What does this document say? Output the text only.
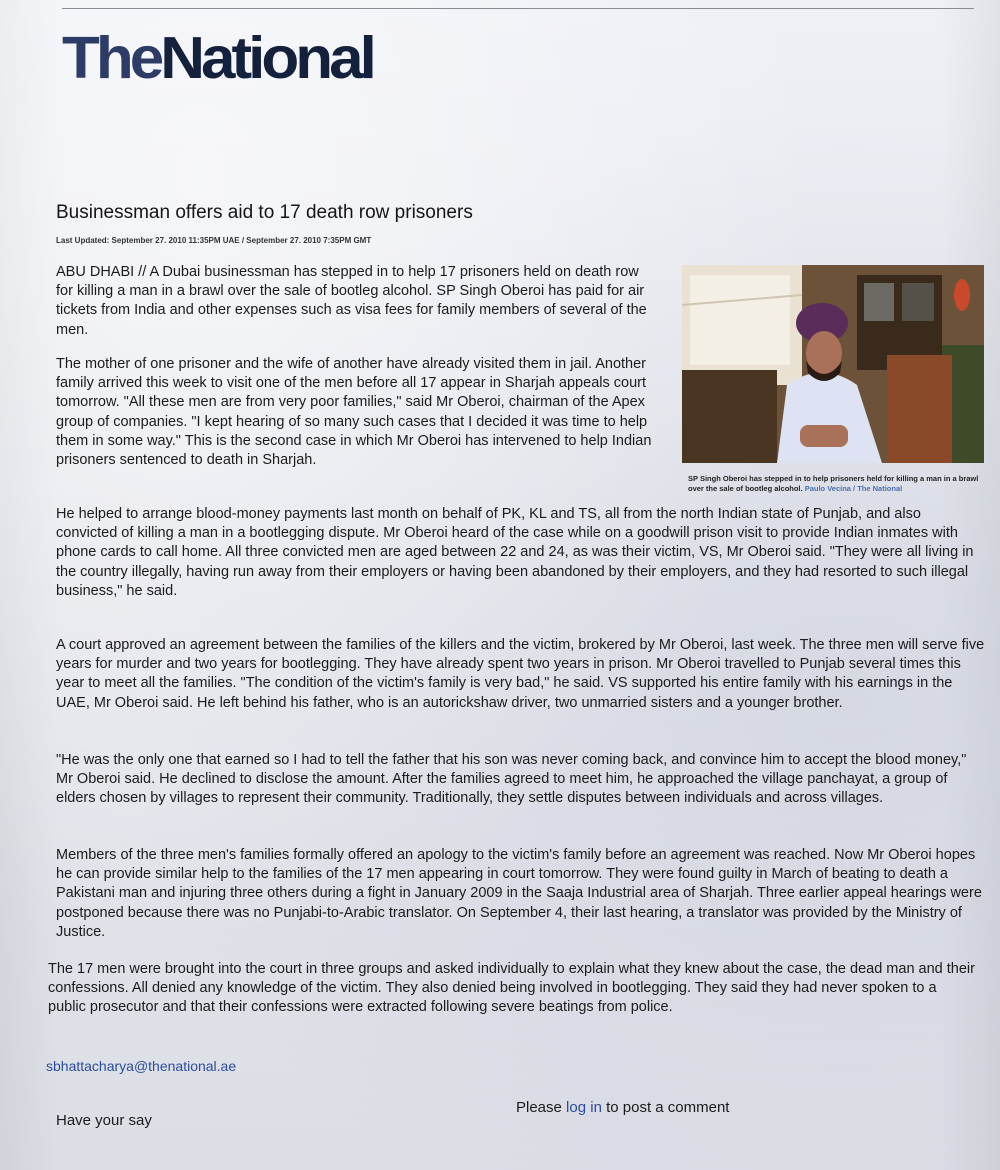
TheNational
Businessman offers aid to 17 death row prisoners
Last Updated: September 27. 2010 11:35PM UAE / September 27. 2010 7:35PM GMT

ABU DHABI // A Dubai businessman has stepped in to help 17 prisoners held on death row for killing a man in a brawl over the sale of bootleg alcohol. SP Singh Oberoi has paid for air tickets from India and other expenses such as visa fees for family members of several of the men.

The mother of one prisoner and the wife of another have already visited them in jail. Another family arrived this week to visit one of the men before all 17 appear in Sharjah appeals court tomorrow. "All these men are from very poor families," said Mr Oberoi, chairman of the Apex group of companies. "I kept hearing of so many such cases that I decided it was time to help them in some way." This is the second case in which Mr Oberoi has intervened to help Indian prisoners sentenced to death in Sharjah.

He helped to arrange blood-money payments last month on behalf of PK, KL and TS, all from the north Indian state of Punjab, and also convicted of killing a man in a bootlegging dispute. Mr Oberoi heard of the case while on a goodwill prison visit to provide Indian inmates with phone cards to call home. All three convicted men are aged between 22 and 24, as was their victim, VS, Mr Oberoi said. "They were all living in the country illegally, having run away from their employers or having been abandoned by their employers, and they had resorted to such illegal business," he said.

A court approved an agreement between the families of the killers and the victim, brokered by Mr Oberoi, last week. The three men will serve five years for murder and two years for bootlegging. They have already spent two years in prison. Mr Oberoi travelled to Punjab several times this year to meet all the families. "The condition of the victim's family is very bad," he said. VS supported his entire family with his earnings in the UAE, Mr Oberoi said. He left behind his father, who is an autorickshaw driver, two unmarried sisters and a younger brother.

"He was the only one that earned so I had to tell the father that his son was never coming back, and convince him to accept the blood money," Mr Oberoi said. He declined to disclose the amount. After the families agreed to meet him, he approached the village panchayat, a group of elders chosen by villages to represent their community. Traditionally, they settle disputes between individuals and across villages.

Members of the three men's families formally offered an apology to the victim's family before an agreement was reached. Now Mr Oberoi hopes he can provide similar help to the families of the 17 men appearing in court tomorrow. They were found guilty in March of beating to death a Pakistani man and injuring three others during a fight in January 2009 in the Saaja Industrial area of Sharjah. Three earlier appeal hearings were postponed because there was no Punjabi-to-Arabic translator. On September 4, their last hearing, a translator was provided by the Ministry of Justice.

The 17 men were brought into the court in three groups and asked individually to explain what they knew about the case, the dead man and their confessions. All denied any knowledge of the victim. They also denied being involved in bootlegging. They said they had never spoken to a public prosecutor and that their confessions were extracted following severe beatings from police.

SP Singh Oberoi has stepped in to help prisoners held for killing a man in a brawl over the sale of bootleg alcohol. Paulo Vecina / The National
sbhattacharya@thenational.ae
Have your say
Please log in to post a comment
